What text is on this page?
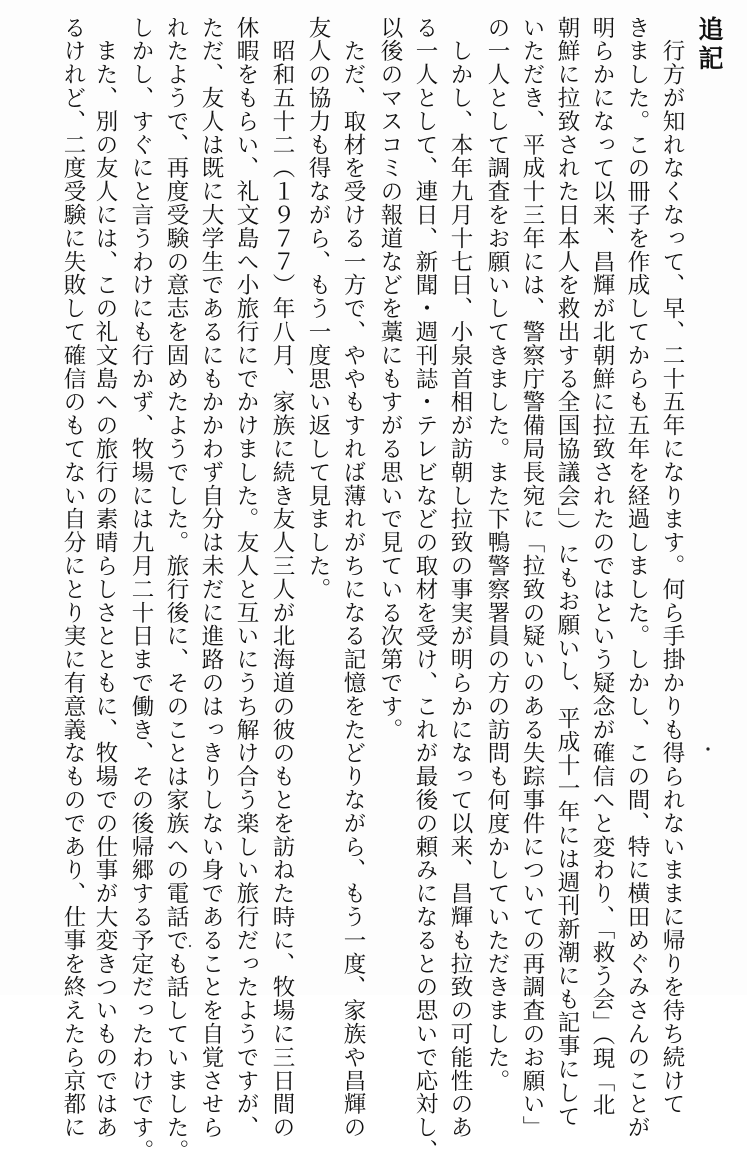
追記
　行方が知れなくなって、早、二十五年になります。何ら手掛かりも得られないままに帰りを待ち続けて
きました。この冊子を作成してからも五年を経過しました。しかし、この間、特に横田めぐみさんのことが
明らかになって以来、昌輝が北朝鮮に拉致されたのではという疑念が確信へと変わり、「救う会」（現「北
朝鮮に拉致された日本人を救出する全国協議会」）にもお願いし、平成十一年には週刊新潮にも記事にして
いただき、平成十三年には、警察庁警備局長宛に「拉致の疑いのある失踪事件についての再調査のお願い」
の一人として調査をお願いしてきました。また下鴨警察署員の方の訪問も何度かしていただきました。
　しかし、本年九月十七日、小泉首相が訪朝し拉致の事実が明らかになって以来、昌輝も拉致の可能性のあ
る一人として、連日、新聞・週刊誌・テレビなどの取材を受け、これが最後の頼みになるとの思いで応対し、
以後のマスコミの報道などを藁にもすがる思いで見ている次第です。
　ただ、取材を受ける一方で、ややもすれば薄れがちになる記憶をたどりながら、もう一度、家族や昌輝の
友人の協力も得ながら、もう一度思い返して見ました。
　昭和五十二（１９７７）年八月、家族に続き友人三人が北海道の彼のもとを訪ねた時に、牧場に三日間の
休暇をもらい、礼文島へ小旅行にでかけました。友人と互いにうち解け合う楽しい旅行だったようですが、
ただ、友人は既に大学生であるにもかかわず自分は未だに進路のはっきりしない身であることを自覚させら
れたようで、再度受験の意志を固めたようでした。旅行後に、そのことは家族への電話でも話していました。
しかし、すぐにと言うわけにも行かず、牧場には九月二十日まで働き、その後帰郷する予定だったわけです。
　また、別の友人には、この礼文島への旅行の素晴らしさとともに、牧場での仕事が大変きついものではあ
るけれど、二度受験に失敗して確信のもてない自分にとり実に有意義なものであり、仕事を終えたら京都に
